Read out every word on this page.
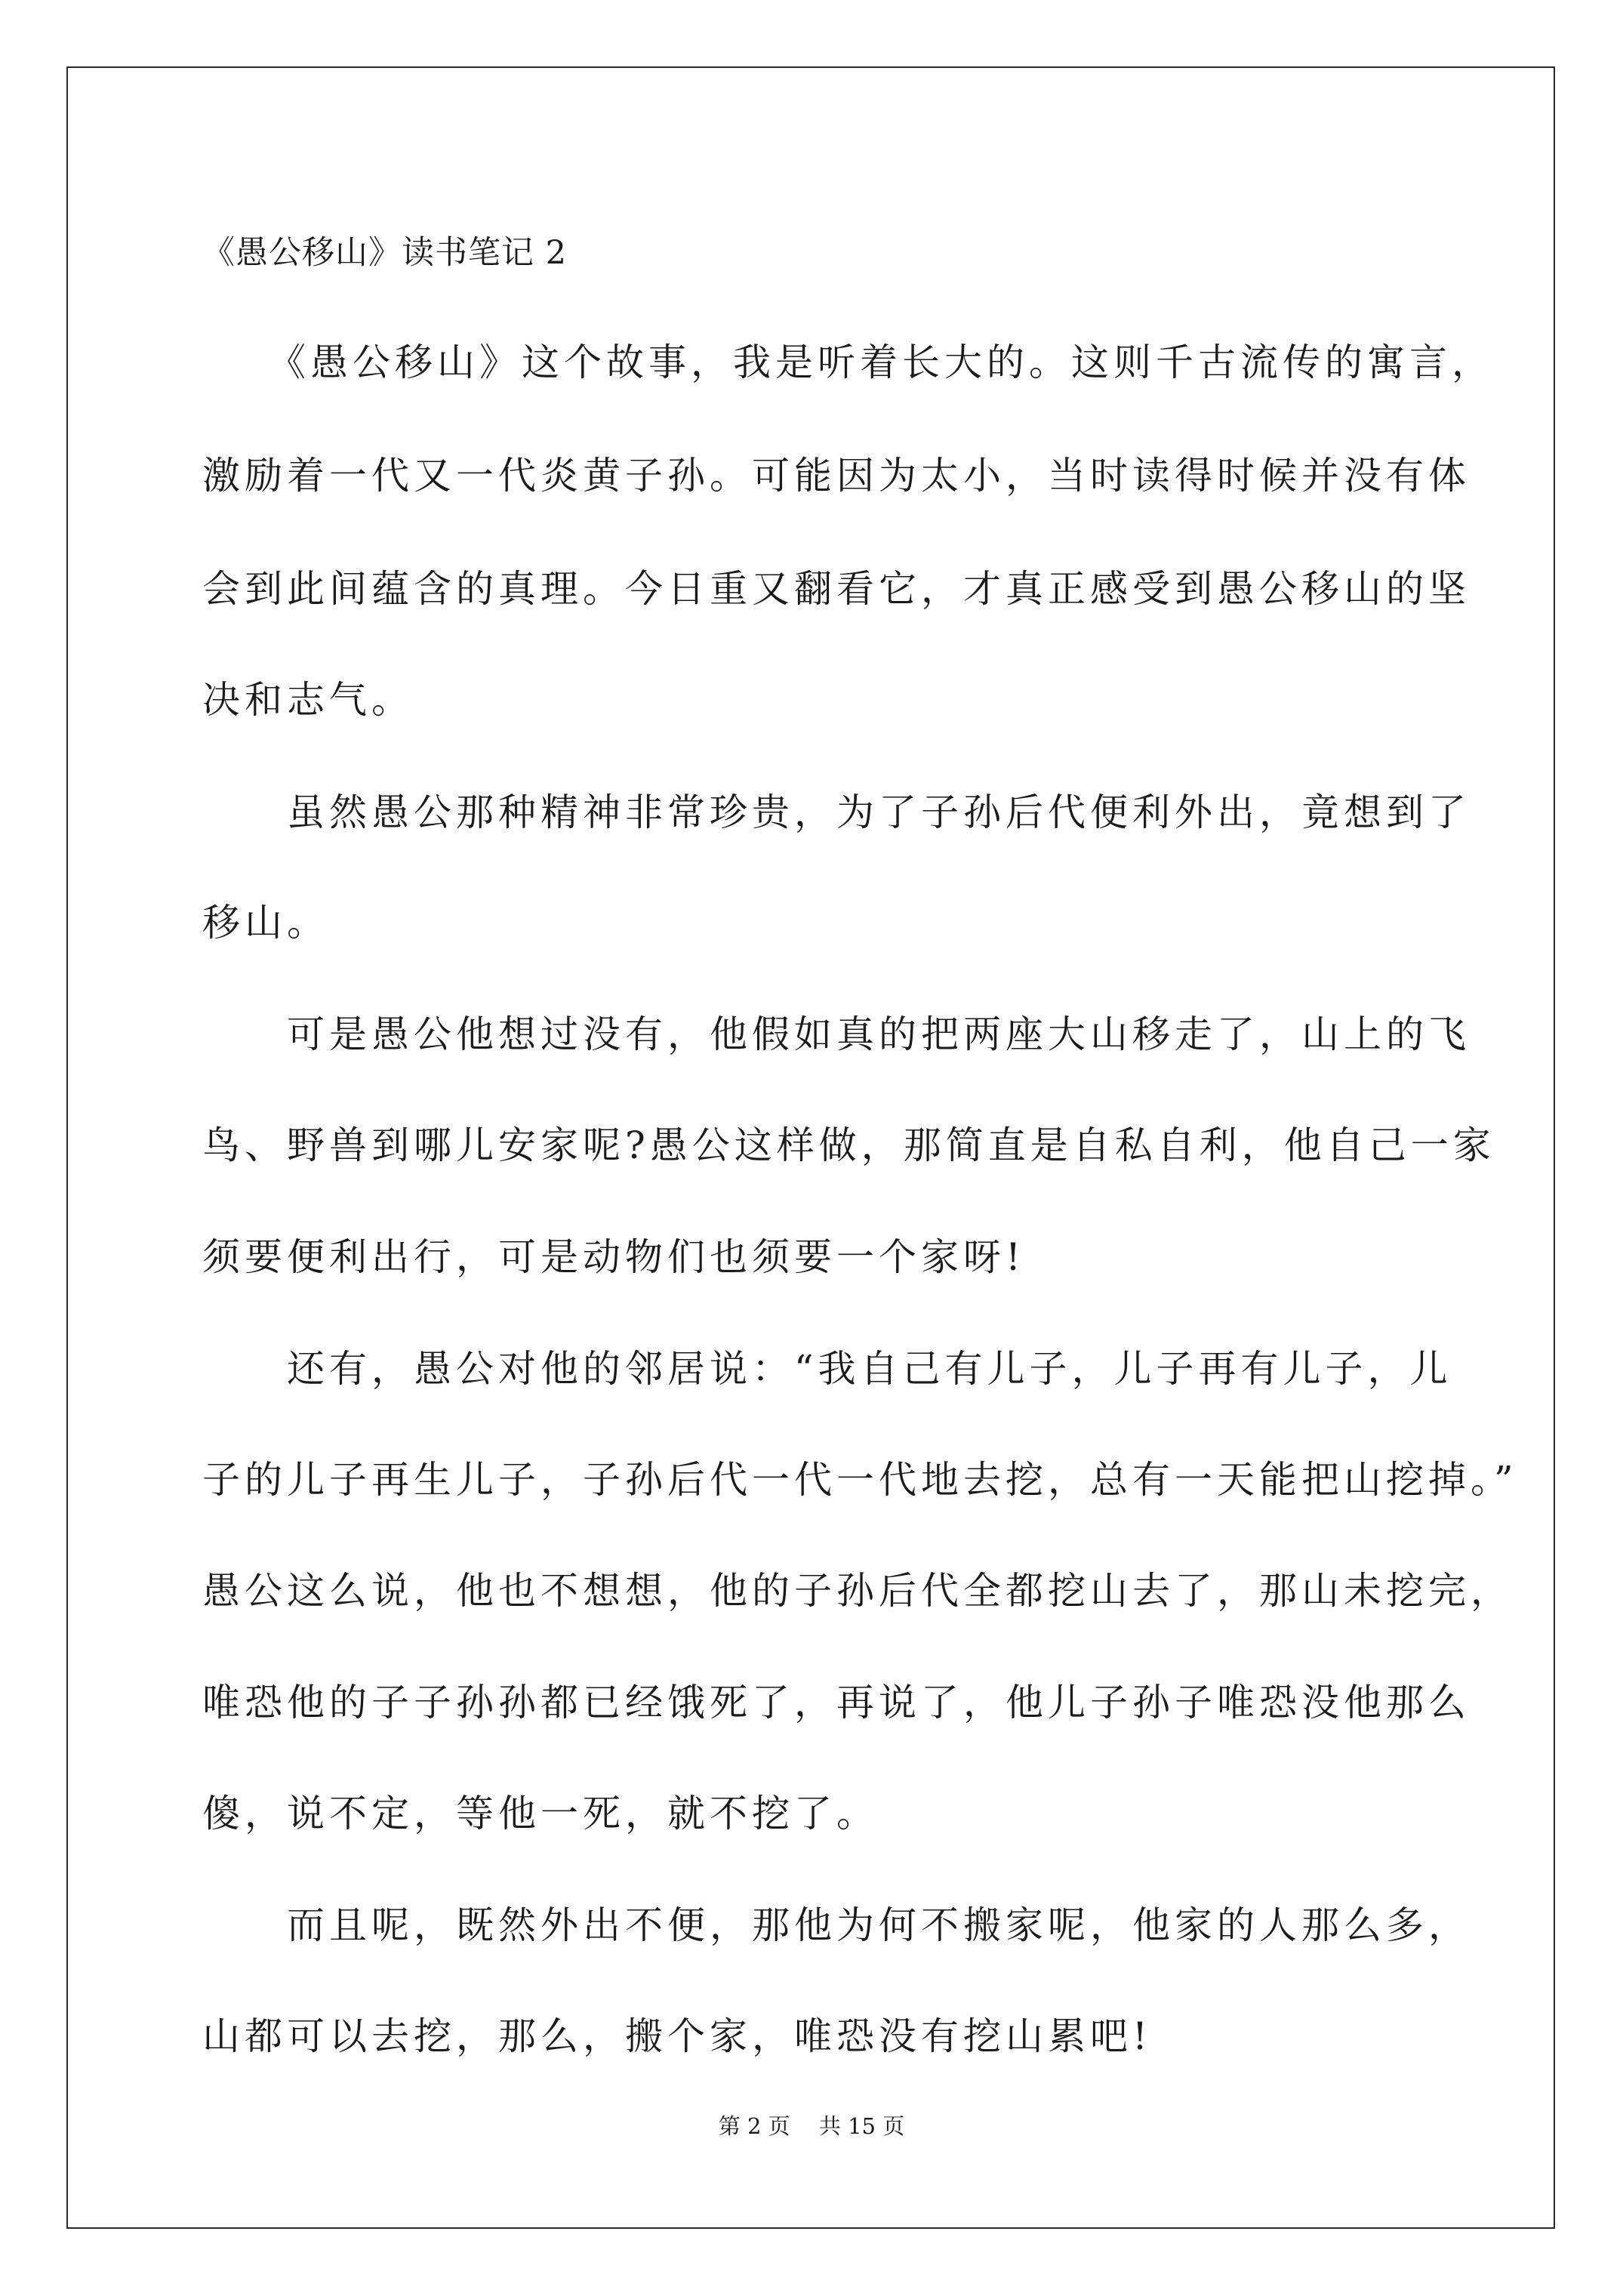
《愚公移山》读书笔记 2
　　《愚公移山》这个故事，我是听着长大的。这则千古流传的寓言，
激励着一代又一代炎黄子孙。可能因为太小，当时读得时候并没有体
会到此间蕴含的真理。今日重又翻看它，才真正感受到愚公移山的坚
决和志气。
　　虽然愚公那种精神非常珍贵，为了子孙后代便利外出，竟想到了
移山。
　　可是愚公他想过没有，他假如真的把两座大山移走了，山上的飞
鸟、野兽到哪儿安家呢?愚公这样做，那简直是自私自利，他自己一家
须要便利出行，可是动物们也须要一个家呀!
　　还有，愚公对他的邻居说：“我自己有儿子，儿子再有儿子，儿
子的儿子再生儿子，子孙后代一代一代地去挖，总有一天能把山挖掉。”
愚公这么说，他也不想想，他的子孙后代全都挖山去了，那山未挖完，
唯恐他的子子孙孙都已经饿死了，再说了，他儿子孙子唯恐没他那么
傻，说不定，等他一死，就不挖了。
　　而且呢，既然外出不便，那他为何不搬家呢，他家的人那么多，
山都可以去挖，那么，搬个家，唯恐没有挖山累吧!
第 2 页　 共 15 页
